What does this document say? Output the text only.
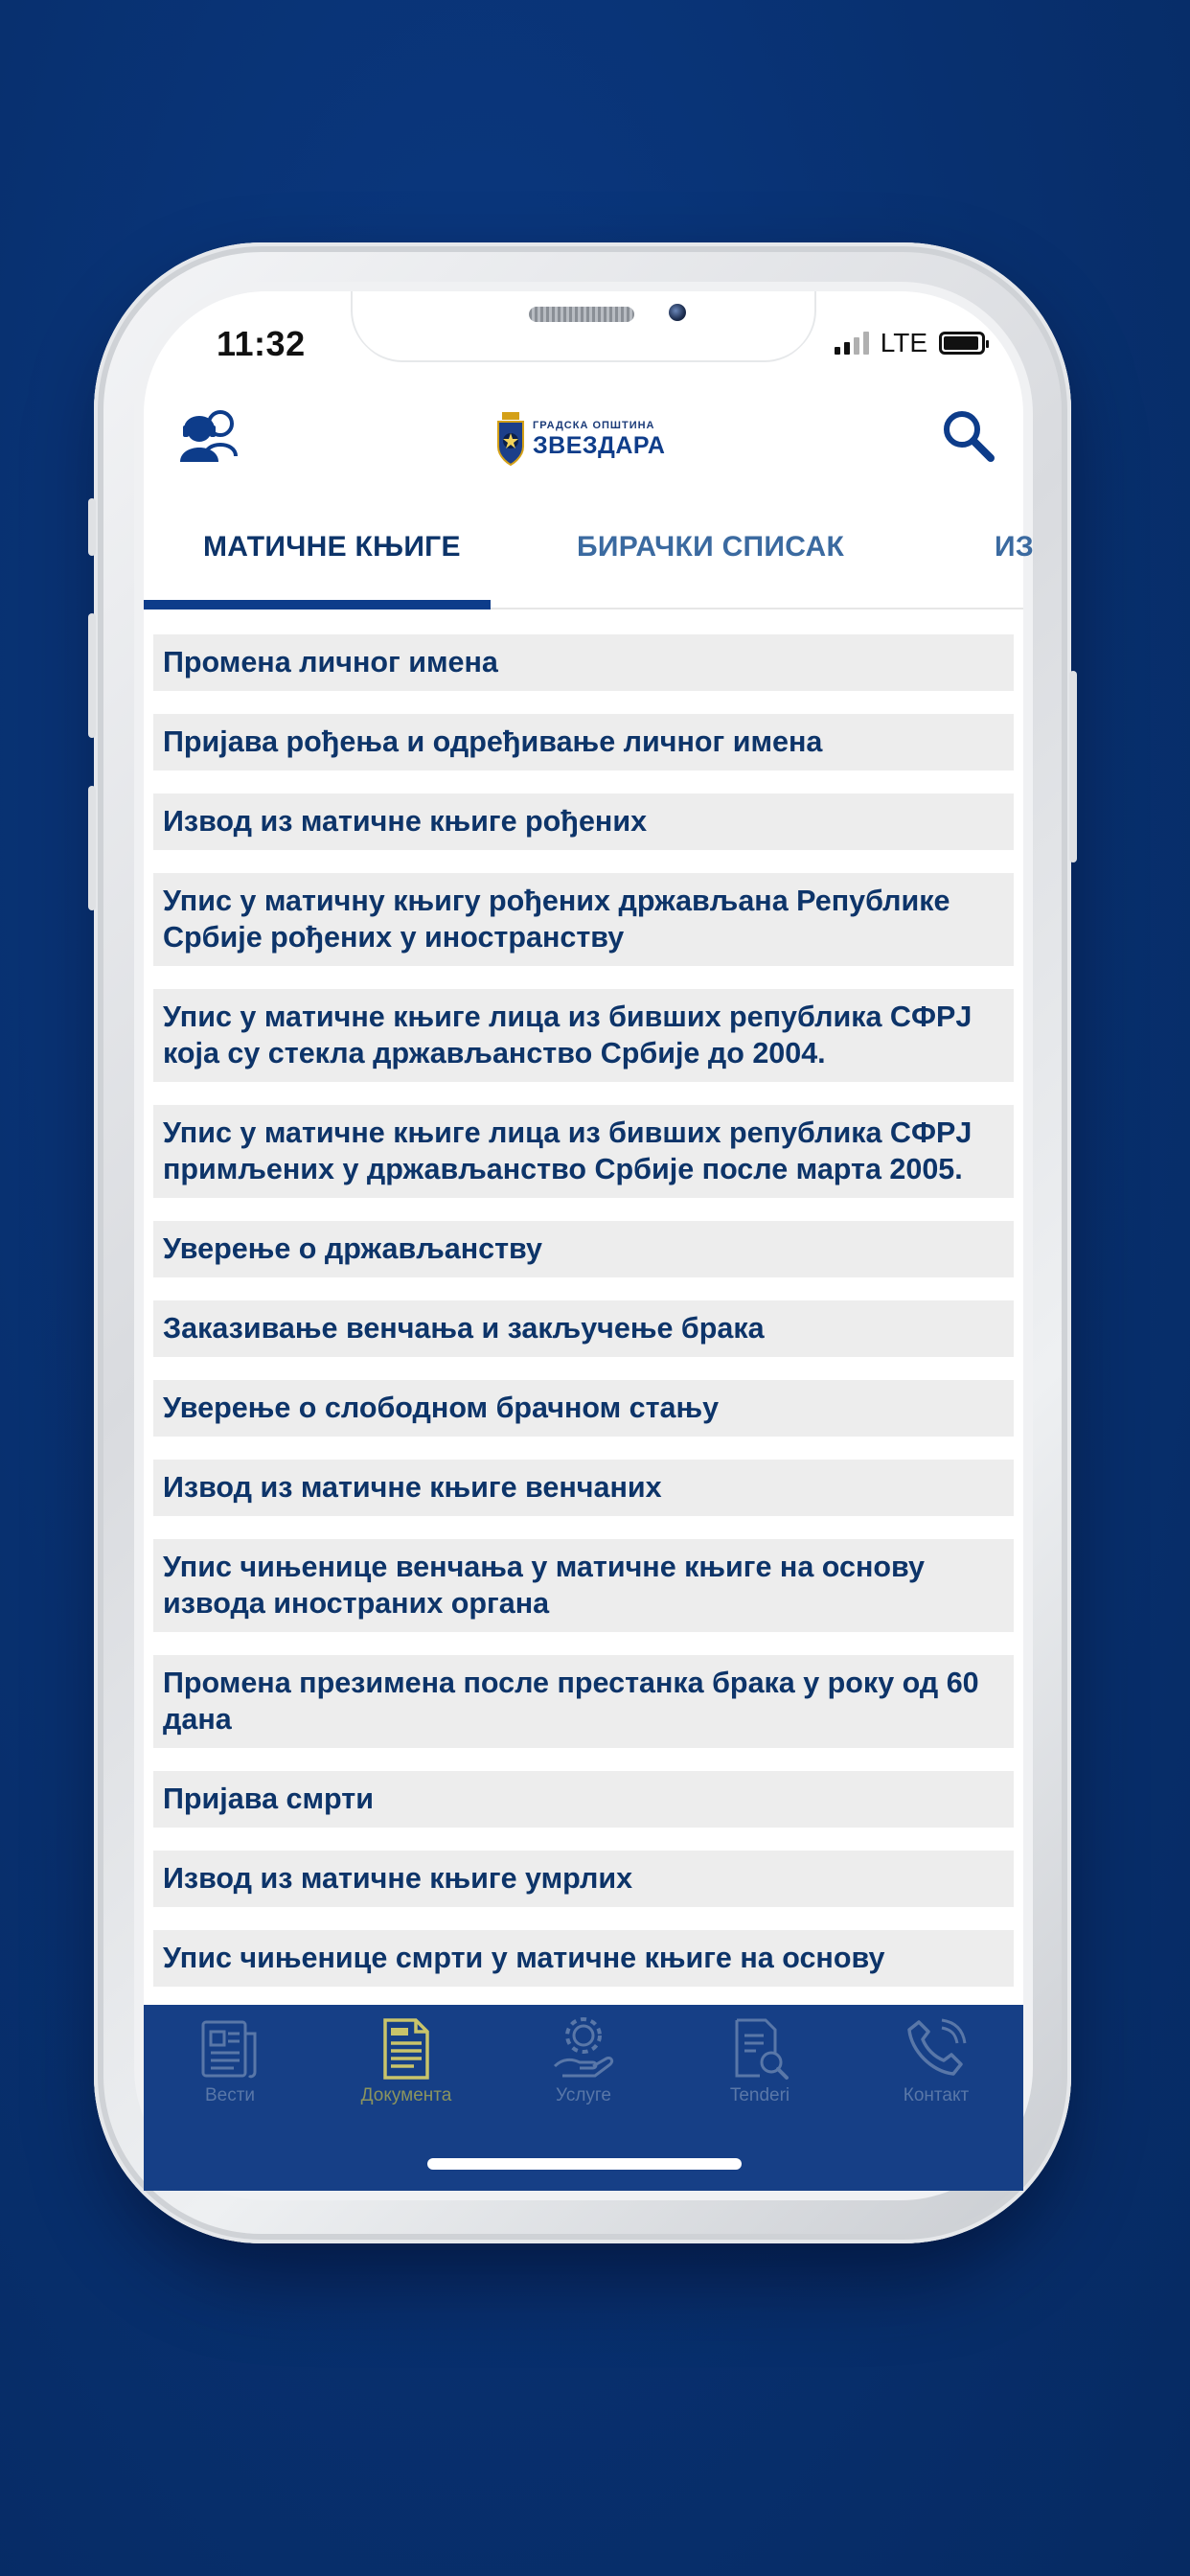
11:32	LTE
ГРАДСКА ОПШТИНА
ЗВЕЗДАРА
МАТИЧНЕ КЊИГЕ	БИРАЧКИ СПИСАК	ИЗ
Промена личног имена
Пријава рођења и одређивање личног имена
Извод из матичне књиге рођених
Упис у матичну књигу рођених држављана Републике Србије рођених у иностранству
Упис у матичне књиге лица из бивших република СФРЈ која су стекла држављанство Србије до 2004.
Упис у матичне књиге лица из бивших република СФРЈ примљених у држављанство Србије после марта 2005.
Уверење о држављанству
Заказивање венчања и закључење брака
Уверење о слободном брачном стању
Извод из матичне књиге венчаних
Упис чињенице венчања у матичне књиге на основу извода иностраних органа
Промена презимена после престанка брака у року од 60 дана
Пријава смрти
Извод из матичне књиге умрлих
Упис чињенице смрти у матичне књиге на основу
Вести	Документа	Услуге	Tenderi	Контакт
